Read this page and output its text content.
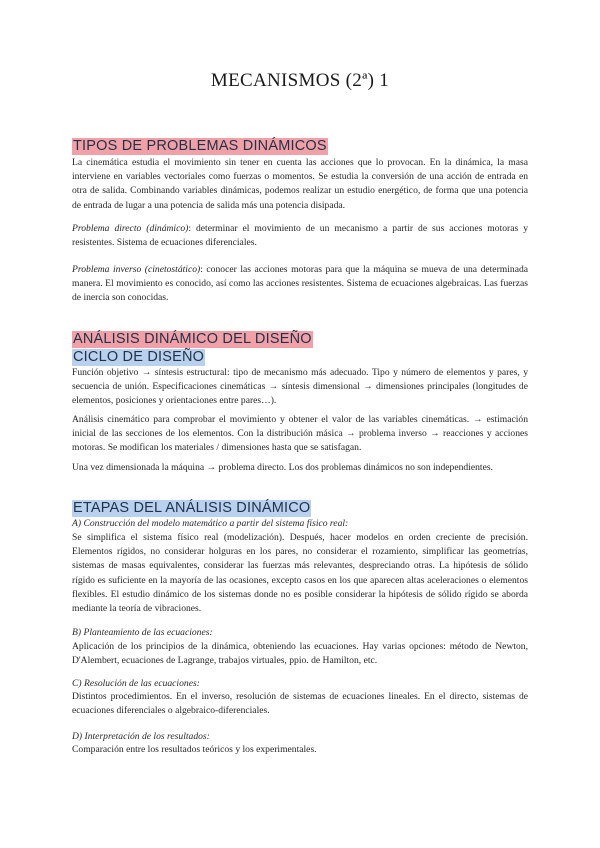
MECANISMOS (2ª) 1
TIPOS DE PROBLEMAS DINÁMICOS
La cinemática estudia el movimiento sin tener en cuenta las acciones que lo provocan. En la dinámica, la masa interviene en variables vectoriales como fuerzas o momentos. Se estudia la conversión de una acción de entrada en otra de salida. Combinando variables dinámicas, podemos realizar un estudio energético, de forma que una potencia de entrada de lugar a una potencia de salida más una potencia disipada.
Problema directo (dinámico): determinar el movimiento de un mecanismo a partir de sus acciones motoras y resistentes. Sistema de ecuaciones diferenciales.
Problema inverso (cinetostático): conocer las acciones motoras para que la máquina se mueva de una determinada manera. El movimiento es conocido, así como las acciones resistentes. Sistema de ecuaciones algebraicas. Las fuerzas de inercia son conocidas.
ANÁLISIS DINÁMICO DEL DISEÑO
CICLO DE DISEÑO
Función objetivo → síntesis estructural: tipo de mecanismo más adecuado. Tipo y número de elementos y pares, y secuencia de unión. Especificaciones cinemáticas → síntesis dimensional → dimensiones principales (longitudes de elementos, posiciones y orientaciones entre pares…).
Análisis cinemático para comprobar el movimiento y obtener el valor de las variables cinemáticas. → estimación inicial de las secciones de los elementos. Con la distribución másica → problema inverso → reacciones y acciones motoras. Se modifican los materiales / dimensiones hasta que se satisfagan.
Una vez dimensionada la máquina → problema directo. Los dos problemas dinámicos no son independientes.
ETAPAS DEL ANÁLISIS DINÁMICO
A) Construcción del modelo matemático a partir del sistema físico real:
Se simplifica el sistema físico real (modelización). Después, hacer modelos en orden creciente de precisión. Elementos rígidos, no considerar holguras en los pares, no considerar el rozamiento, simplificar las geometrías, sistemas de masas equivalentes, considerar las fuerzas más relevantes, despreciando otras. La hipótesis de sólido rígido es suficiente en la mayoría de las ocasiones, excepto casos en los que aparecen altas aceleraciones o elementos flexibles. El estudio dinámico de los sistemas donde no es posible considerar la hipótesis de sólido rígido se aborda mediante la teoría de vibraciones.
B) Planteamiento de las ecuaciones:
Aplicación de los principios de la dinámica, obteniendo las ecuaciones. Hay varias opciones: método de Newton, D'Alembert, ecuaciones de Lagrange, trabajos virtuales, ppio. de Hamilton, etc.
C) Resolución de las ecuaciones:
Distintos procedimientos. En el inverso, resolución de sistemas de ecuaciones lineales. En el directo, sistemas de ecuaciones diferenciales o algebraico-diferenciales.
D) Interpretación de los resultados:
Comparación entre los resultados teóricos y los experimentales.
